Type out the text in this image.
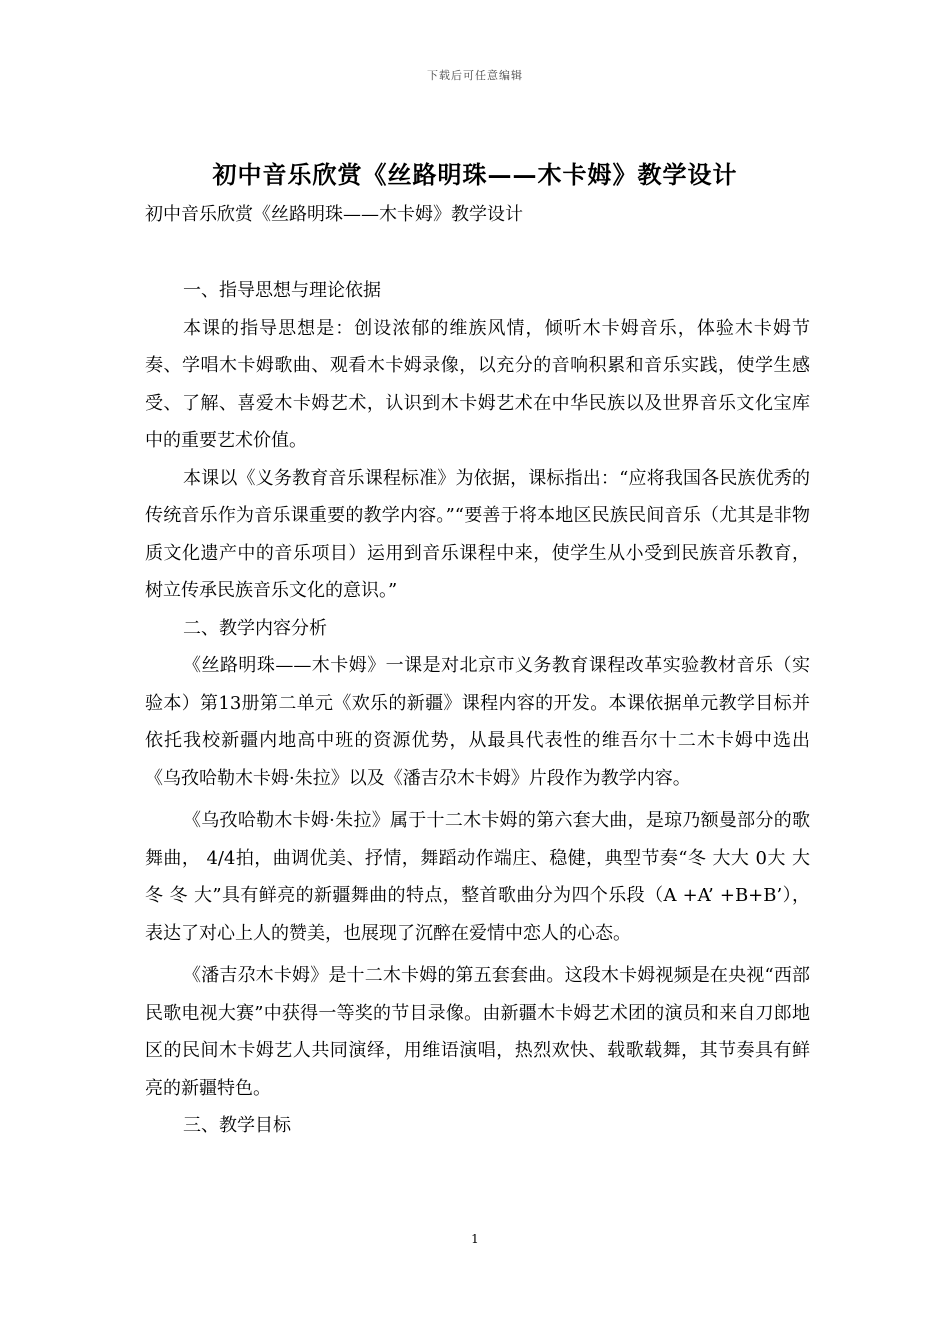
下载后可任意编辑
初中音乐欣赏《丝路明珠——木卡姆》教学设计
初中音乐欣赏《丝路明珠——木卡姆》教学设计

一、指导思想与理论依据

本课的指导思想是：创设浓郁的维族风情，倾听木卡姆音乐，体验木卡姆节奏、学唱木卡姆歌曲、观看木卡姆录像，以充分的音响积累和音乐实践，使学生感受、了解、喜爱木卡姆艺术，认识到木卡姆艺术在中华民族以及世界音乐文化宝库中的重要艺术价值。

本课以《义务教育音乐课程标准》为依据，课标指出：“应将我国各民族优秀的传统音乐作为音乐课重要的教学内容。”“要善于将本地区民族民间音乐（尤其是非物质文化遗产中的音乐项目）运用到音乐课程中来，使学生从小受到民族音乐教育，树立传承民族音乐文化的意识。”

二、教学内容分析

《丝路明珠——木卡姆》一课是对北京市义务教育课程改革实验教材音乐（实验本）第13册第二单元《欢乐的新疆》课程内容的开发。本课依据单元教学目标并依托我校新疆内地高中班的资源优势，从最具代表性的维吾尔十二木卡姆中选出《乌孜哈勒木卡姆·朱拉》以及《潘吉尕木卡姆》片段作为教学内容。

《乌孜哈勒木卡姆·朱拉》属于十二木卡姆的第六套大曲，是琼乃额曼部分的歌舞曲， 4/4拍，曲调优美、抒情，舞蹈动作端庄、稳健，典型节奏“冬 大大 0大 大 冬 冬 大”具有鲜亮的新疆舞曲的特点，整首歌曲分为四个乐段（A +A’ +B+B’），表达了对心上人的赞美，也展现了沉醉在爱情中恋人的心态。

《潘吉尕木卡姆》是十二木卡姆的第五套套曲。这段木卡姆视频是在央视“西部民歌电视大赛”中获得一等奖的节目录像。由新疆木卡姆艺术团的演员和来自刀郎地区的民间木卡姆艺人共同演绎，用维语演唱，热烈欢快、载歌载舞，其节奏具有鲜亮的新疆特色。

三、教学目标

1
